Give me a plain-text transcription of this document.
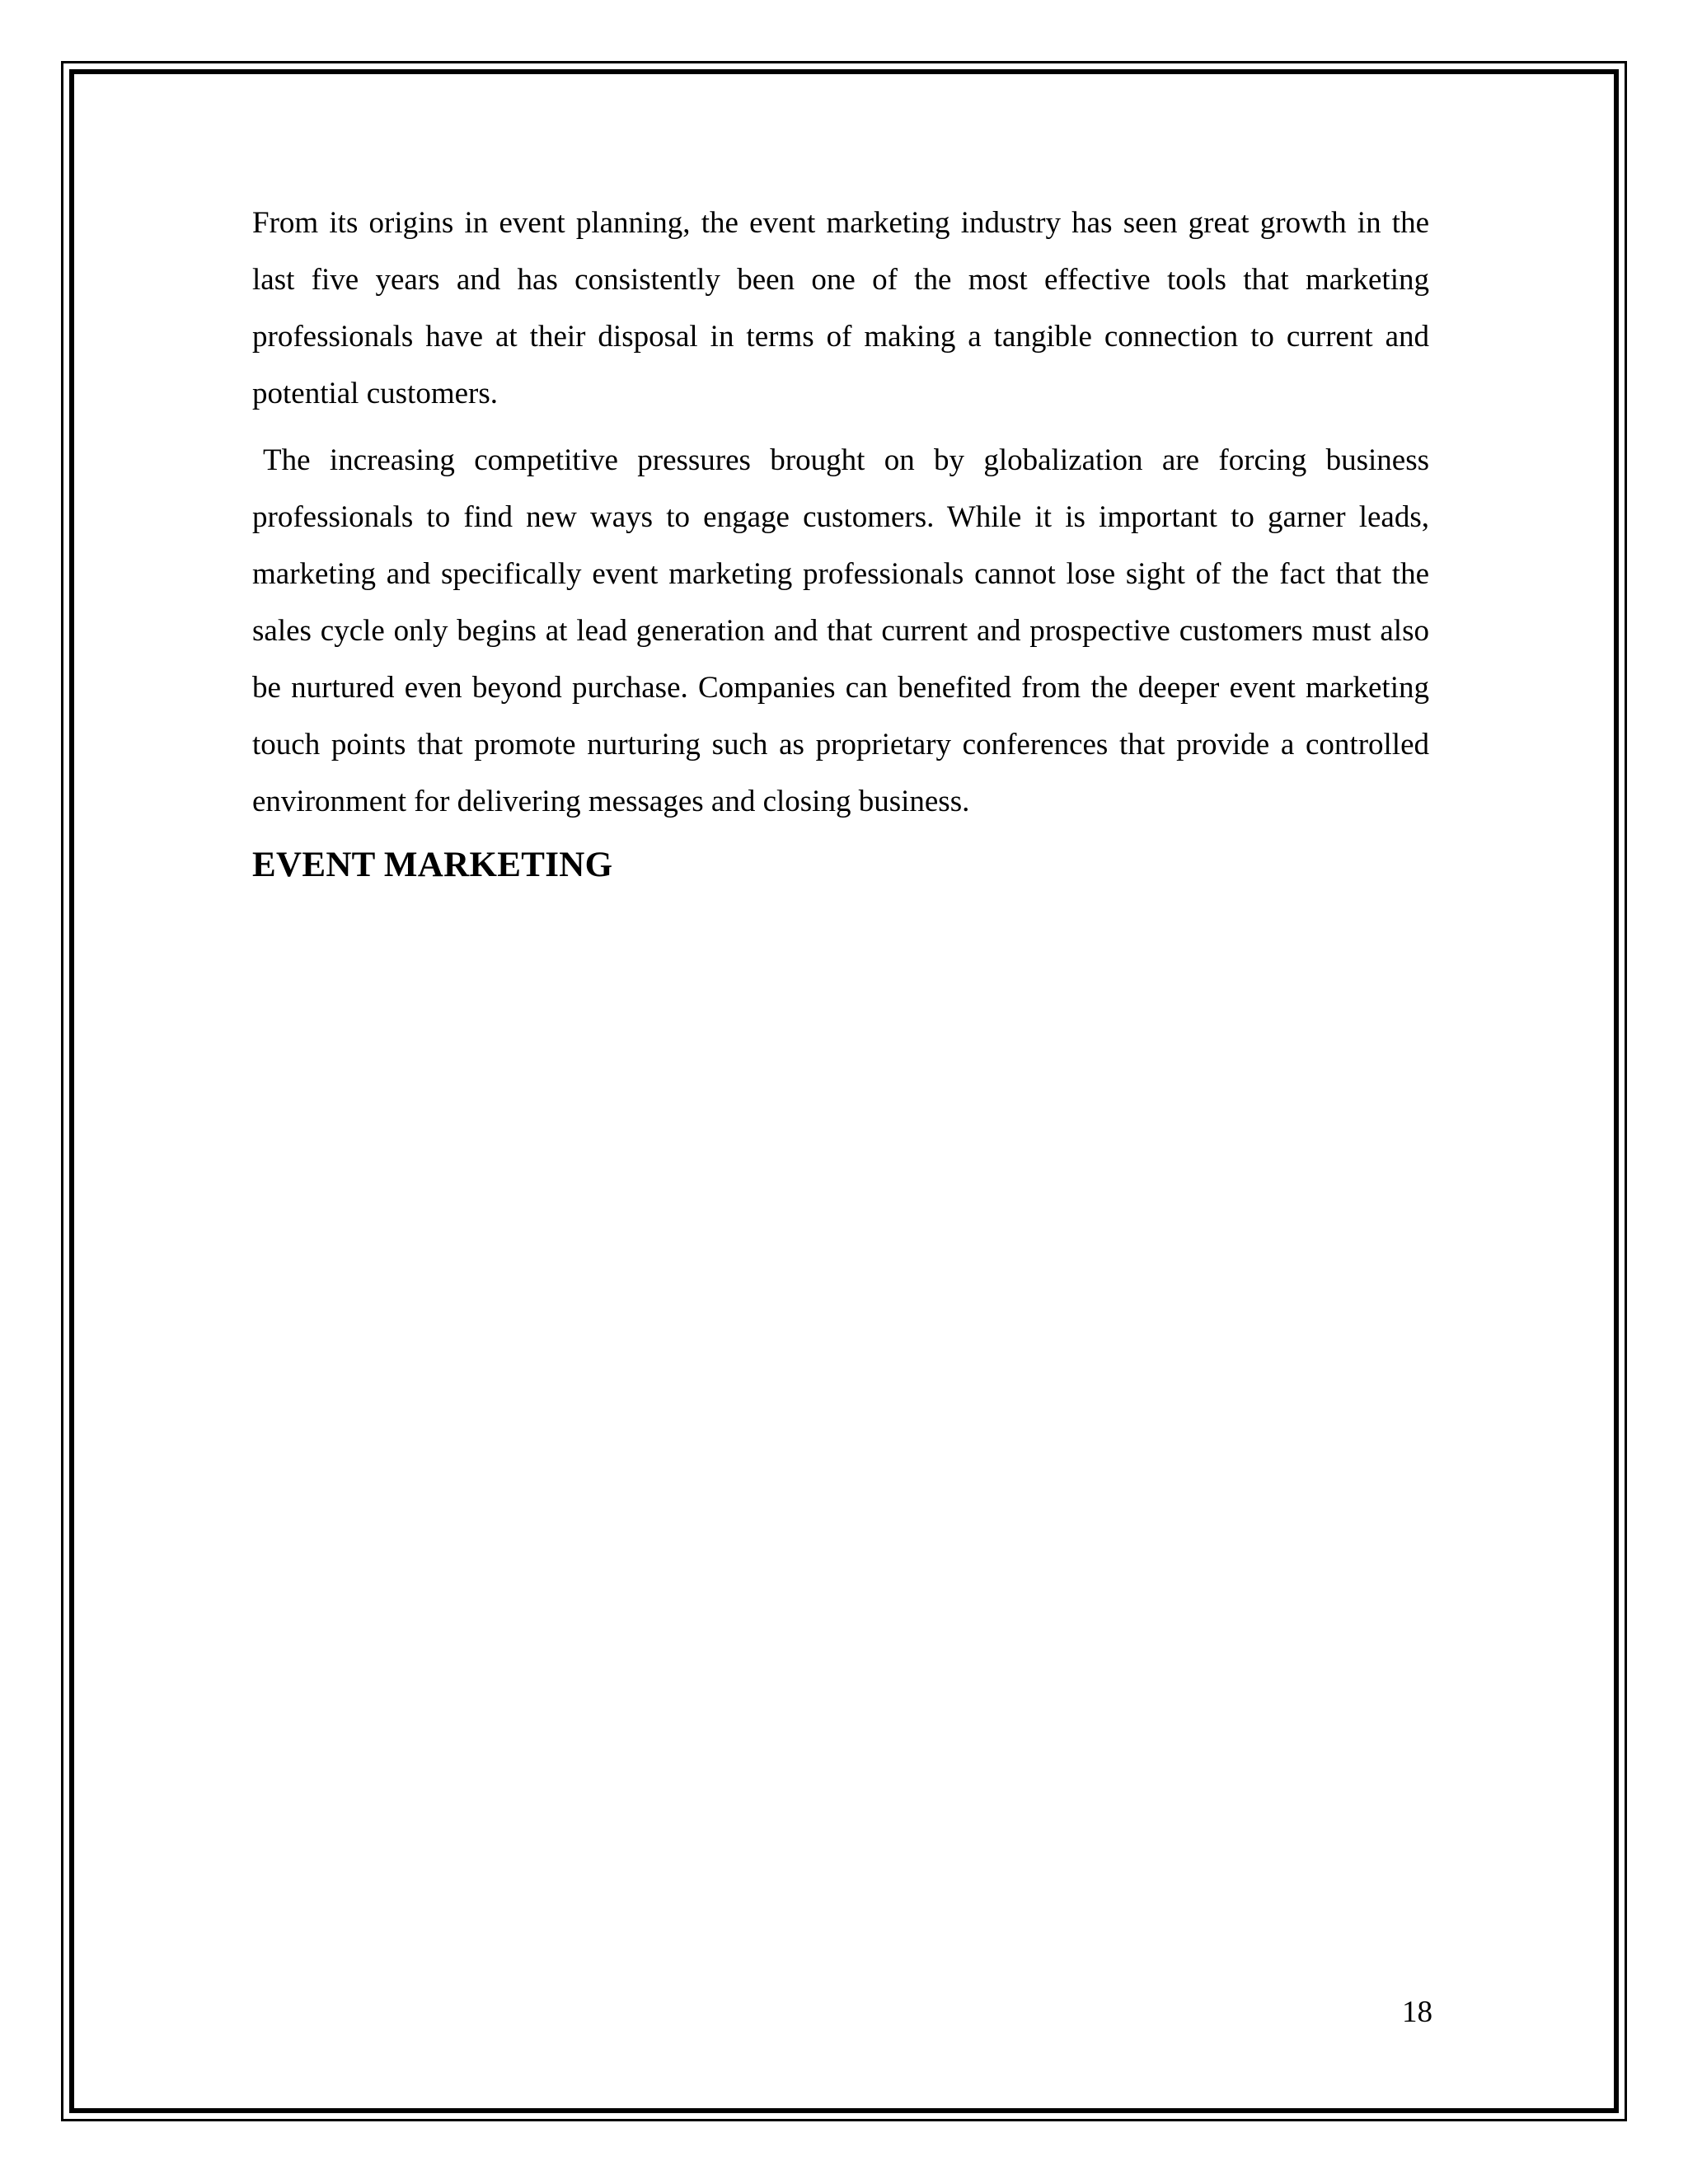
From its origins in event planning, the event marketing industry has seen great growth in the last five years and has consistently been one of the most effective tools that marketing professionals have at their disposal in terms of making a tangible connection to current and potential customers.

The increasing competitive pressures brought on by globalization are forcing business professionals to find new ways to engage customers. While it is important to garner leads, marketing and specifically event marketing professionals cannot lose sight of the fact that the sales cycle only begins at lead generation and that current and prospective customers must also be nurtured even beyond purchase. Companies can benefited from the deeper event marketing touch points that promote nurturing such as proprietary conferences that provide a controlled environment for delivering messages and closing business.

EVENT MARKETING
18
